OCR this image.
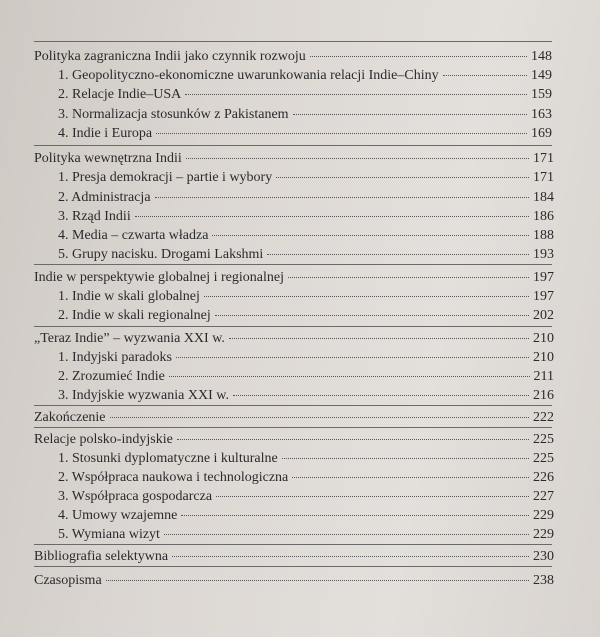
Polityka zagraniczna Indii jako czynnik rozwoju	148
1. Geopolityczno-ekonomiczne uwarunkowania relacji Indie–Chiny	149
2. Relacje Indie–USA	159
3. Normalizacja stosunków z Pakistanem	163
4. Indie i Europa	169
Polityka wewnętrzna Indii	171
1. Presja demokracji – partie i wybory	171
2. Administracja	184
3. Rząd Indii	186
4. Media – czwarta władza	188
5. Grupy nacisku. Drogami Lakshmi	193
Indie w perspektywie globalnej i regionalnej	197
1. Indie w skali globalnej	197
2. Indie w skali regionalnej	202
„Teraz Indie” – wyzwania XXI w.	210
1. Indyjski paradoks	210
2. Zrozumieć Indie	211
3. Indyjskie wyzwania XXI w.	216
Zakończenie	222
Relacje polsko-indyjskie	225
1. Stosunki dyplomatyczne i kulturalne	225
2. Współpraca naukowa i technologiczna	226
3. Współpraca gospodarcza	227
4. Umowy wzajemne	229
5. Wymiana wizyt	229
Bibliografia selektywna	230
Czasopisma	238
